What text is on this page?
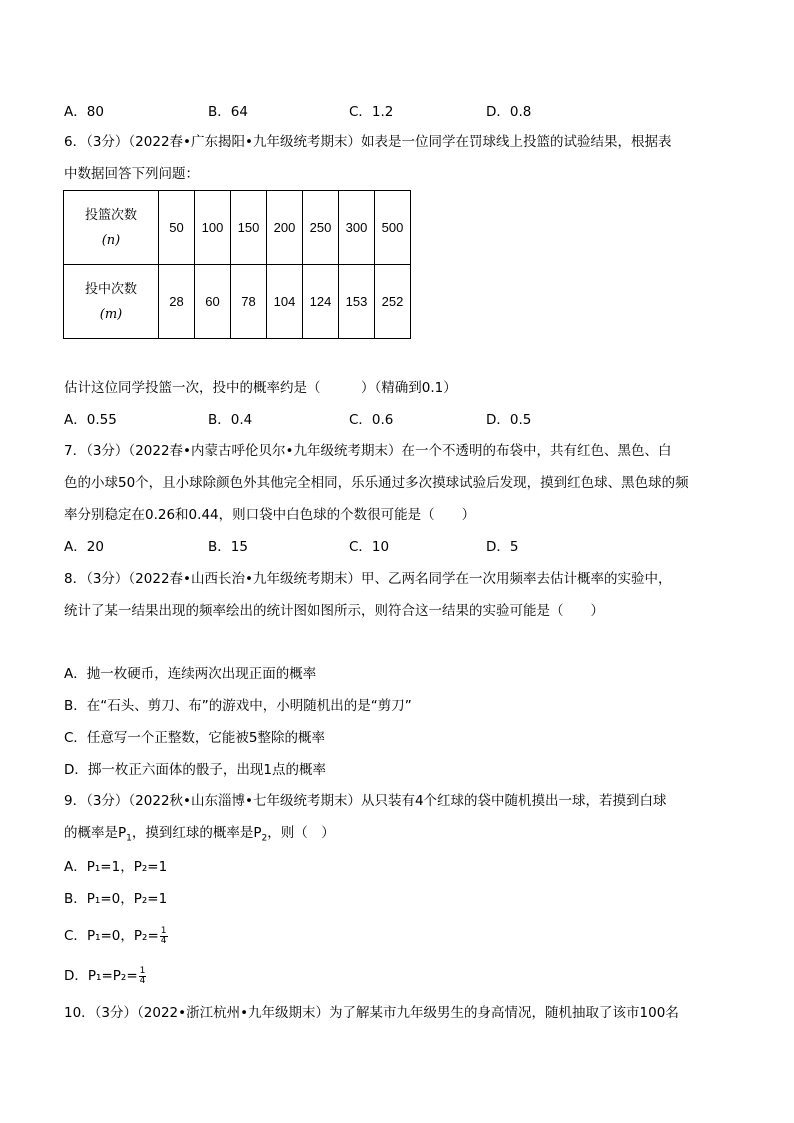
A．80	B．64	C．1.2	D．0.8
6．（3分）（2022春•广东揭阳•九年级统考期末）如表是一位同学在罚球线上投篮的试验结果，根据表
中数据回答下列问题：
投篮次数
(n)	50	100	150	200	250	300	500

投中次数
(m)	28	60	78	104	124	153	252
估计这位同学投篮一次，投中的概率约是（　　　）（精确到0.1）
A．0.55	B．0.4	C．0.6	D．0.5
7．（3分）（2022春•内蒙古呼伦贝尔•九年级统考期末）在一个不透明的布袋中，共有红色、黑色、白
色的小球50个，且小球除颜色外其他完全相同，乐乐通过多次摸球试验后发现，摸到红色球、黑色球的频
率分别稳定在0.26和0.44，则口袋中白色球的个数很可能是（　　）
A．20	B．15	C．10	D．5
8．（3分）（2022春•山西长治•九年级统考期末）甲、乙两名同学在一次用频率去估计概率的实验中，
统计了某一结果出现的频率绘出的统计图如图所示，则符合这一结果的实验可能是（　　）
A．抛一枚硬币，连续两次出现正面的概率
B．在“石头、剪刀、布”的游戏中，小明随机出的是“剪刀”
C．任意写一个正整数，它能被5整除的概率
D．掷一枚正六面体的骰子，出现1点的概率
9．（3分）（2022秋•山东淄博•七年级统考期末）从只装有4个红球的袋中随机摸出一球，若摸到白球
的概率是$P_1$，摸到红球的概率是$P_2$，则（　）
A．P₁=1，P₂=1
B．P₁=0，P₂=1
C．P₁=0，$P_2= \frac{1}{4}$
D．$P_1=P_2= \frac{1}{4}$
10．（3分）（2022•浙江杭州•九年级期末）为了解某市九年级男生的身高情况，随机抽取了该市100名
